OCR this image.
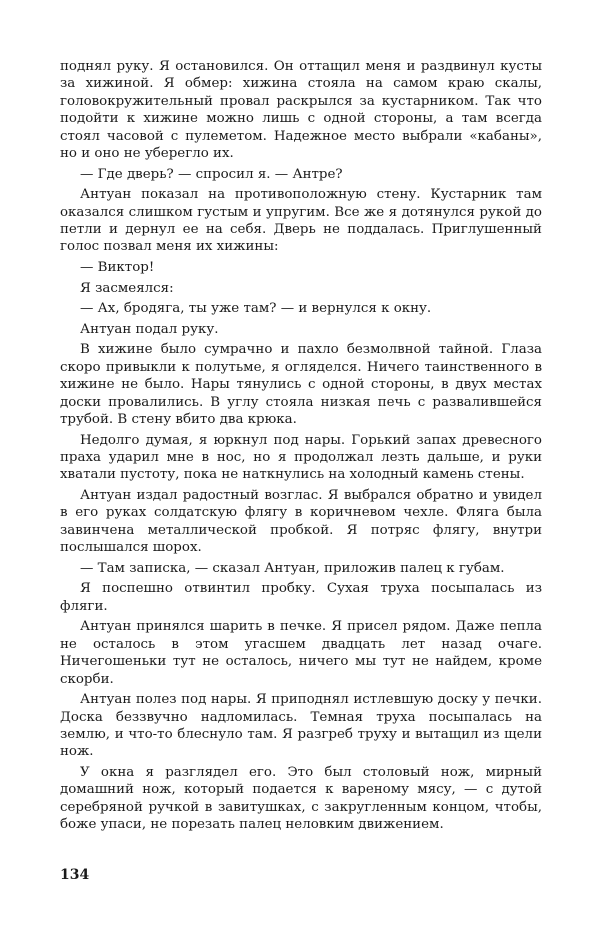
поднял руку. Я остановился. Он оттащил меня и раздвинул кусты за хижиной. Я обмер: хижина стояла на самом краю скалы, головокружительный провал раскрылся за кустарником. Так что подойти к хижине можно лишь с одной стороны, а там всегда стоял часовой с пулеметом. Надежное место выбрали «кабаны», но и оно не уберегло их.

— Где дверь? — спросил я. — Антре?

Антуан показал на противоположную стену. Кустарник там оказался слишком густым и упругим. Все же я дотянулся рукой до петли и дернул ее на себя. Дверь не поддалась. Приглушенный голос позвал меня их хижины:

— Виктор!

Я засмеялся:

— Ах, бродяга, ты уже там? — и вернулся к окну.

Антуан подал руку.

В хижине было сумрачно и пахло безмолвной тайной. Глаза скоро привыкли к полутьме, я огляделся. Ничего таинственного в хижине не было. Нары тянулись с одной стороны, в двух местах доски провалились. В углу стояла низкая печь с развалившейся трубой. В стену вбито два крюка.

Недолго думая, я юркнул под нары. Горький запах древесного праха ударил мне в нос, но я продолжал лезть дальше, и руки хватали пустоту, пока не наткнулись на холодный камень стены.

Антуан издал радостный возглас. Я выбрался обратно и увидел в его руках солдатскую флягу в коричневом чехле. Фляга была завинчена металлической пробкой. Я потряс флягу, внутри послышался шорох.

— Там записка, — сказал Антуан, приложив палец к губам.

Я поспешно отвинтил пробку. Сухая труха посыпалась из фляги.

Антуан принялся шарить в печке. Я присел рядом. Даже пепла не осталось в этом угасшем двадцать лет назад очаге. Ничегошеньки тут не осталось, ничего мы тут не найдем, кроме скорби.

Антуан полез под нары. Я приподнял истлевшую доску у печки. Доска беззвучно надломилась. Темная труха посыпалась на землю, и что-то блеснуло там. Я разгреб труху и вытащил из щели нож.

У окна я разглядел его. Это был столовый нож, мирный домашний нож, который подается к вареному мясу, — с дутой серебряной ручкой в завитушках, с закругленным концом, чтобы, боже упаси, не порезать палец неловким движением.

134
